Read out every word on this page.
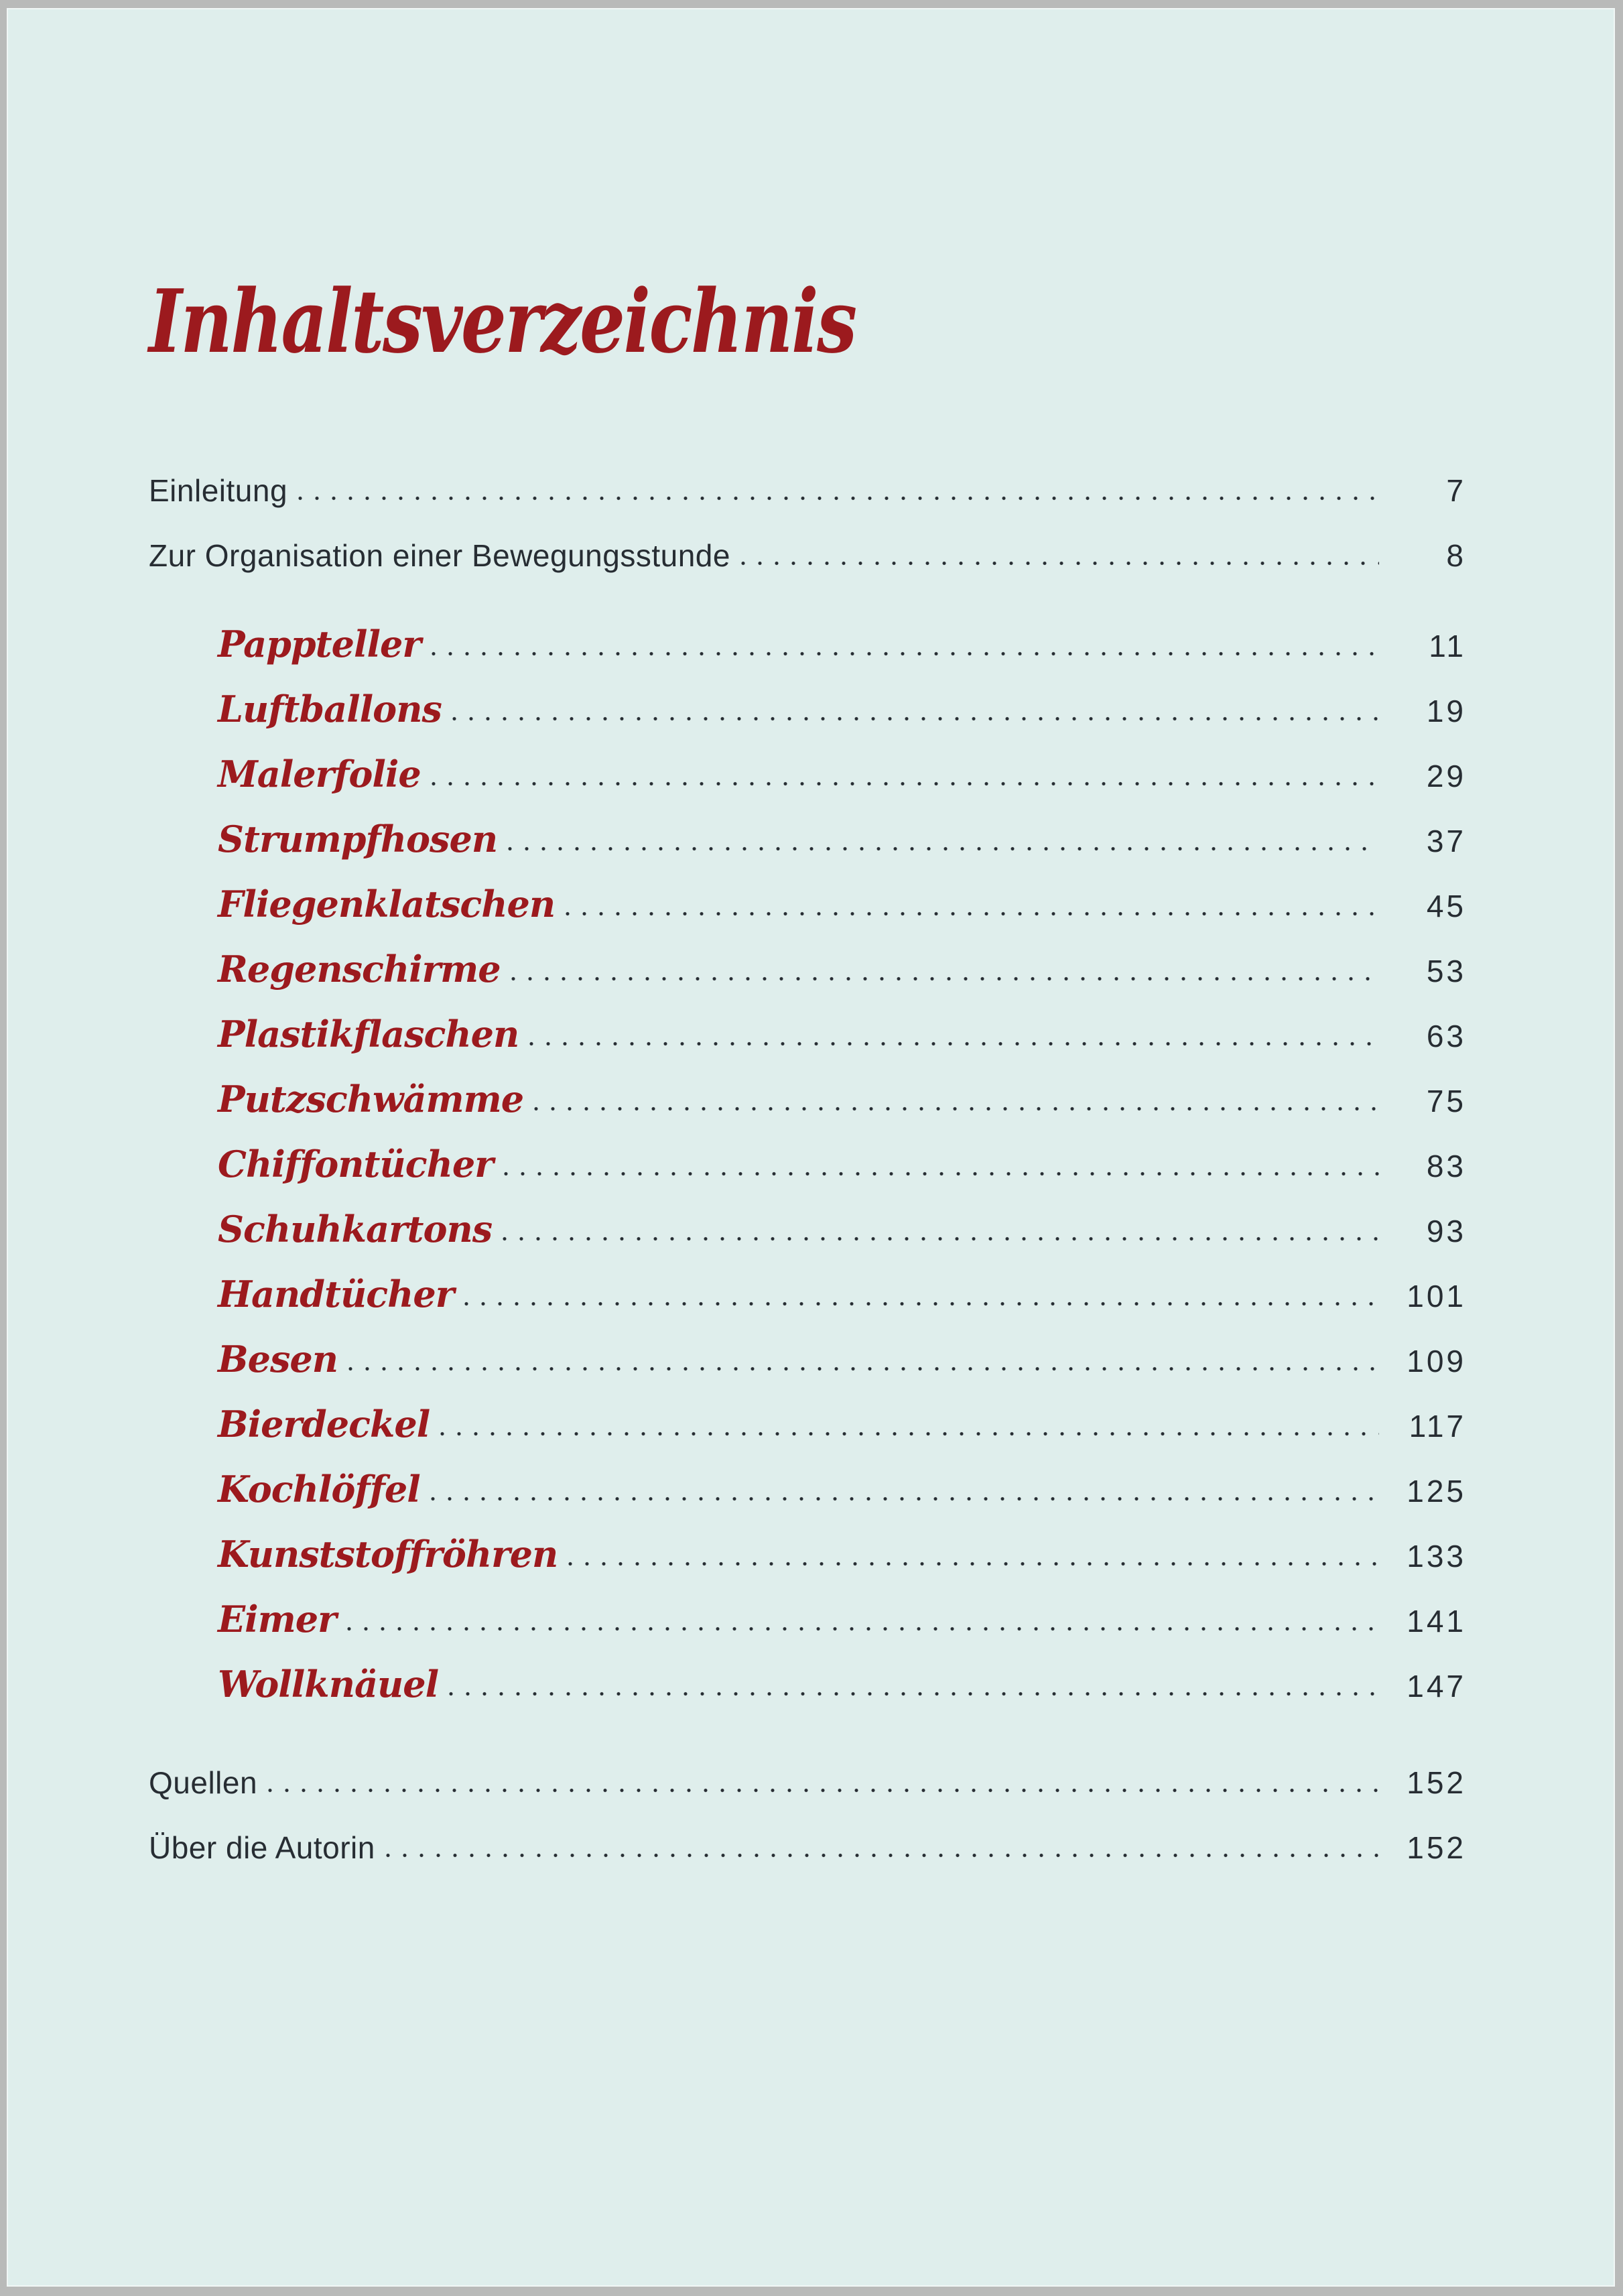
Inhaltsverzeichnis
Einleitung	7
Zur Organisation einer Bewegungsstunde	8
Pappteller	11
Luftballons	19
Malerfolie	29
Strumpfhosen	37
Fliegenklatschen	45
Regenschirme	53
Plastikflaschen	63
Putzschwämme	75
Chiffontücher	83
Schuhkartons	93
Handtücher	101
Besen	109
Bierdeckel	117
Kochlöffel	125
Kunststoffröhren	133
Eimer	141
Wollknäuel	147
Quellen	152
Über die Autorin	152
